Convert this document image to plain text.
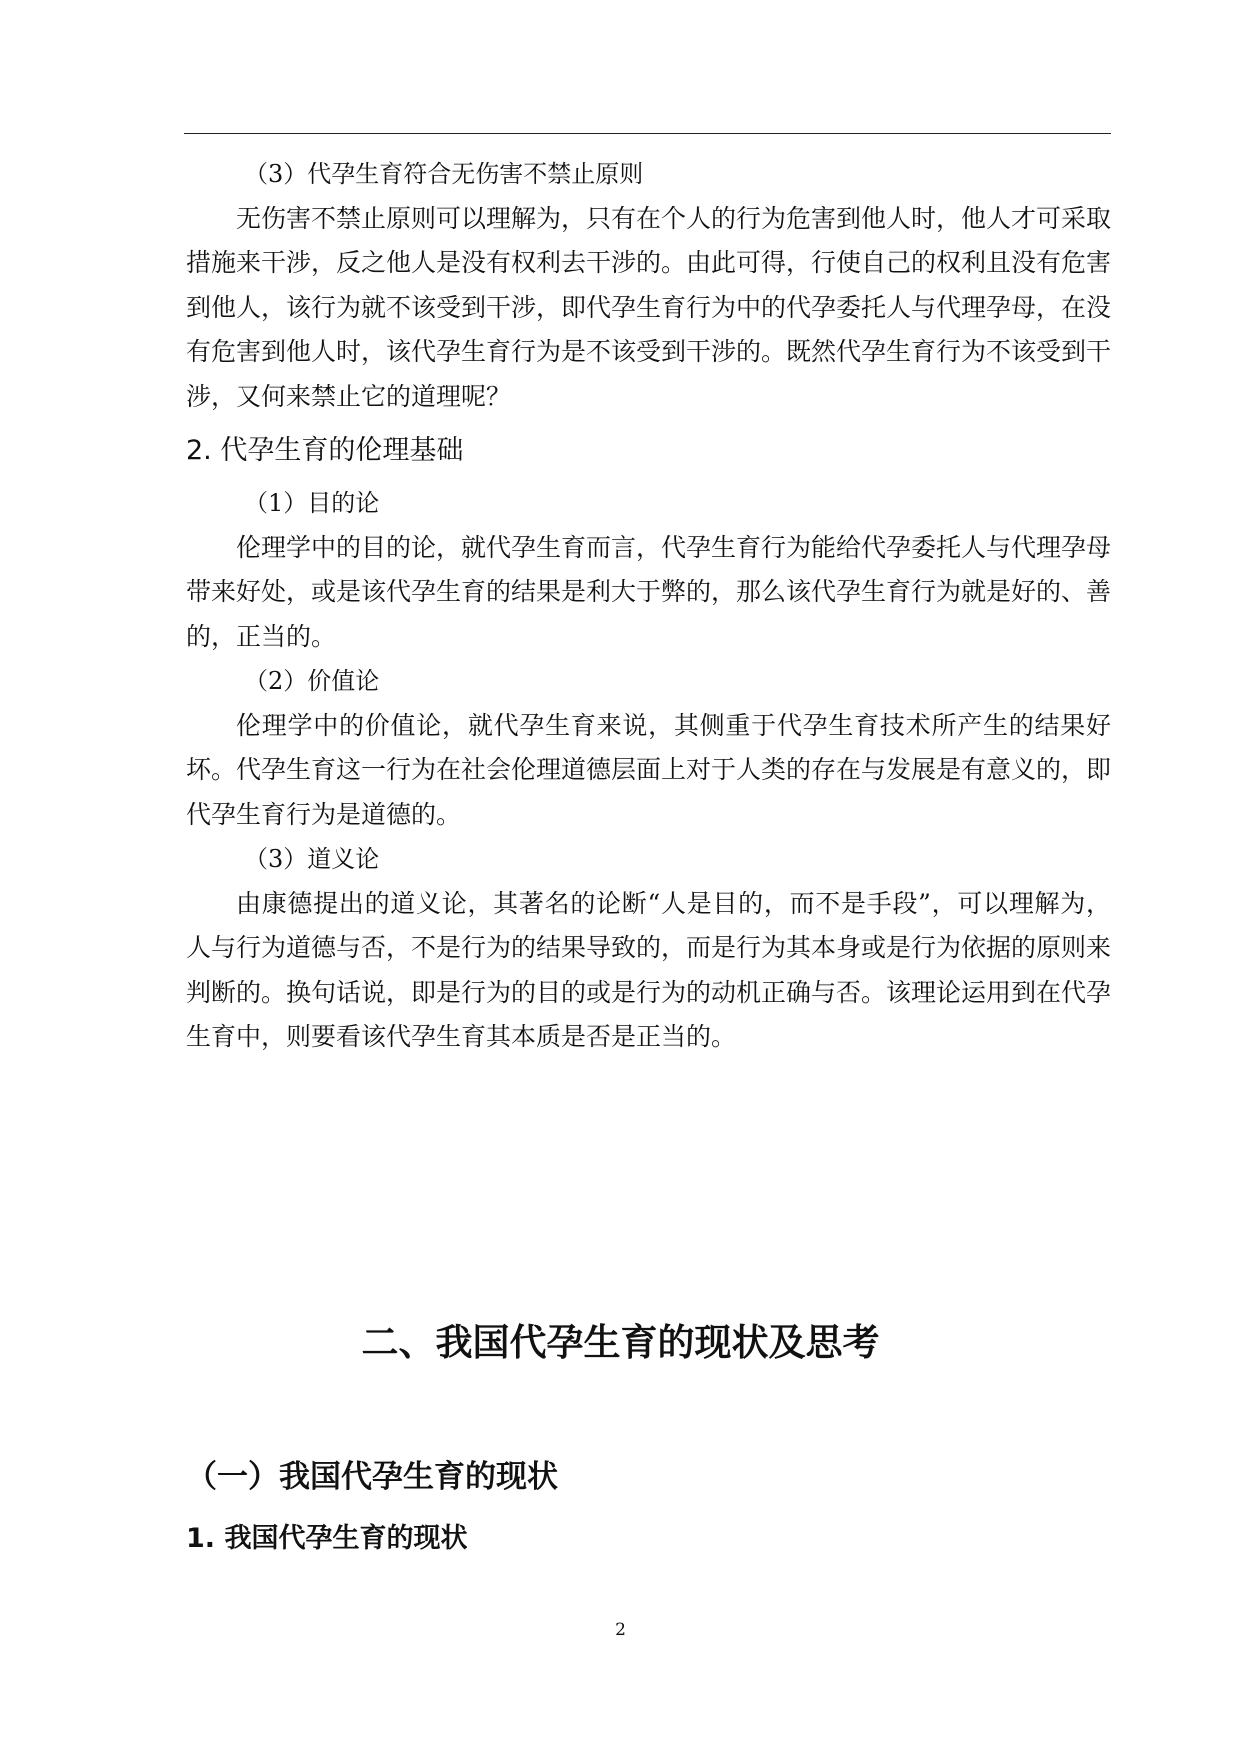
（3）代孕生育符合无伤害不禁止原则

无伤害不禁止原则可以理解为，只有在个人的行为危害到他人时，他人才可采取措施来干涉，反之他人是没有权利去干涉的。由此可得，行使自己的权利且没有危害到他人，该行为就不该受到干涉，即代孕生育行为中的代孕委托人与代理孕母，在没有危害到他人时，该代孕生育行为是不该受到干涉的。既然代孕生育行为不该受到干涉，又何来禁止它的道理呢？

2. 代孕生育的伦理基础

（1）目的论

伦理学中的目的论，就代孕生育而言，代孕生育行为能给代孕委托人与代理孕母带来好处，或是该代孕生育的结果是利大于弊的，那么该代孕生育行为就是好的、善的，正当的。

（2）价值论

伦理学中的价值论，就代孕生育来说，其侧重于代孕生育技术所产生的结果好坏。代孕生育这一行为在社会伦理道德层面上对于人类的存在与发展是有意义的，即代孕生育行为是道德的。

（3）道义论

由康德提出的道义论，其著名的论断“人是目的，而不是手段”，可以理解为，人与行为道德与否，不是行为的结果导致的，而是行为其本身或是行为依据的原则来判断的。换句话说，即是行为的目的或是行为的动机正确与否。该理论运用到在代孕生育中，则要看该代孕生育其本质是否是正当的。

二、我国代孕生育的现状及思考
（一）我国代孕生育的现状
1. 我国代孕生育的现状
2
